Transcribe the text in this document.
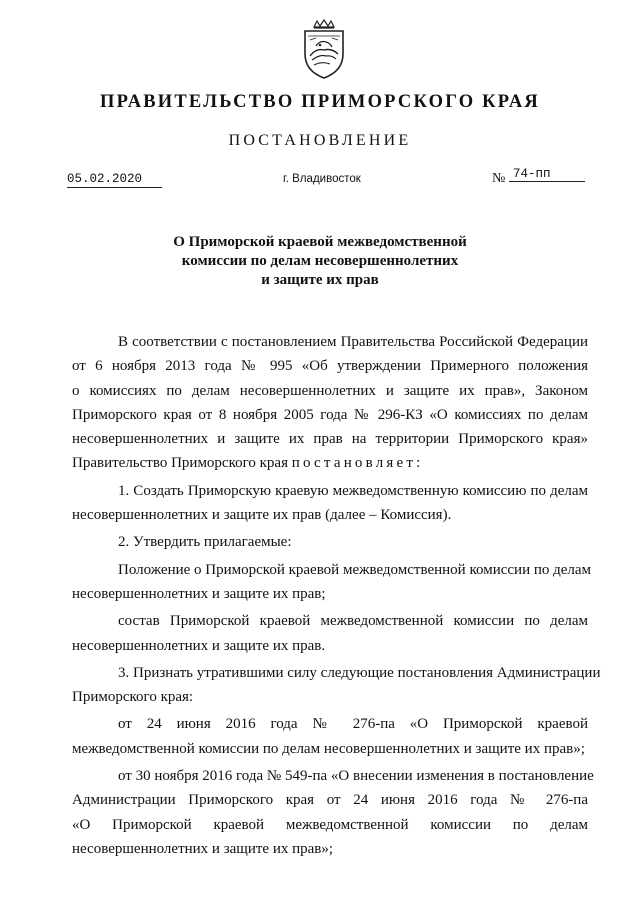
ПРАВИТЕЛЬСТВО ПРИМОРСКОГО КРАЯ
ПОСТАНОВЛЕНИЕ
05.02.2020	г. Владивосток	№ 74-пп
О Приморской краевой межведомственной
комиссии по делам несовершеннолетних
и защите их прав
В соответствии с постановлением Правительства Российской Федерации
от 6 ноября 2013 года № 995 «Об утверждении Примерного положения
о комиссиях по делам несовершеннолетних и защите их прав», Законом
Приморского края от 8 ноября 2005 года № 296-КЗ «О комиссиях по делам
несовершеннолетних и защите их прав на территории Приморского края»
Правительство Приморского края постановляет:
1. Создать Приморскую краевую межведомственную комиссию по делам
несовершеннолетних и защите их прав (далее – Комиссия).
2. Утвердить прилагаемые:
Положение о Приморской краевой межведомственной комиссии по делам
несовершеннолетних и защите их прав;
состав Приморской краевой межведомственной комиссии по делам
несовершеннолетних и защите их прав.
3. Признать утратившими силу следующие постановления Администрации
Приморского края:
от 24 июня 2016 года № 276-па «О Приморской краевой
межведомственной комиссии по делам несовершеннолетних и защите их прав»;
от 30 ноября 2016 года № 549-па «О внесении изменения в постановление
Администрации Приморского края от 24 июня 2016 года № 276-па
«О Приморской краевой межведомственной комиссии по делам
несовершеннолетних и защите их прав»;
